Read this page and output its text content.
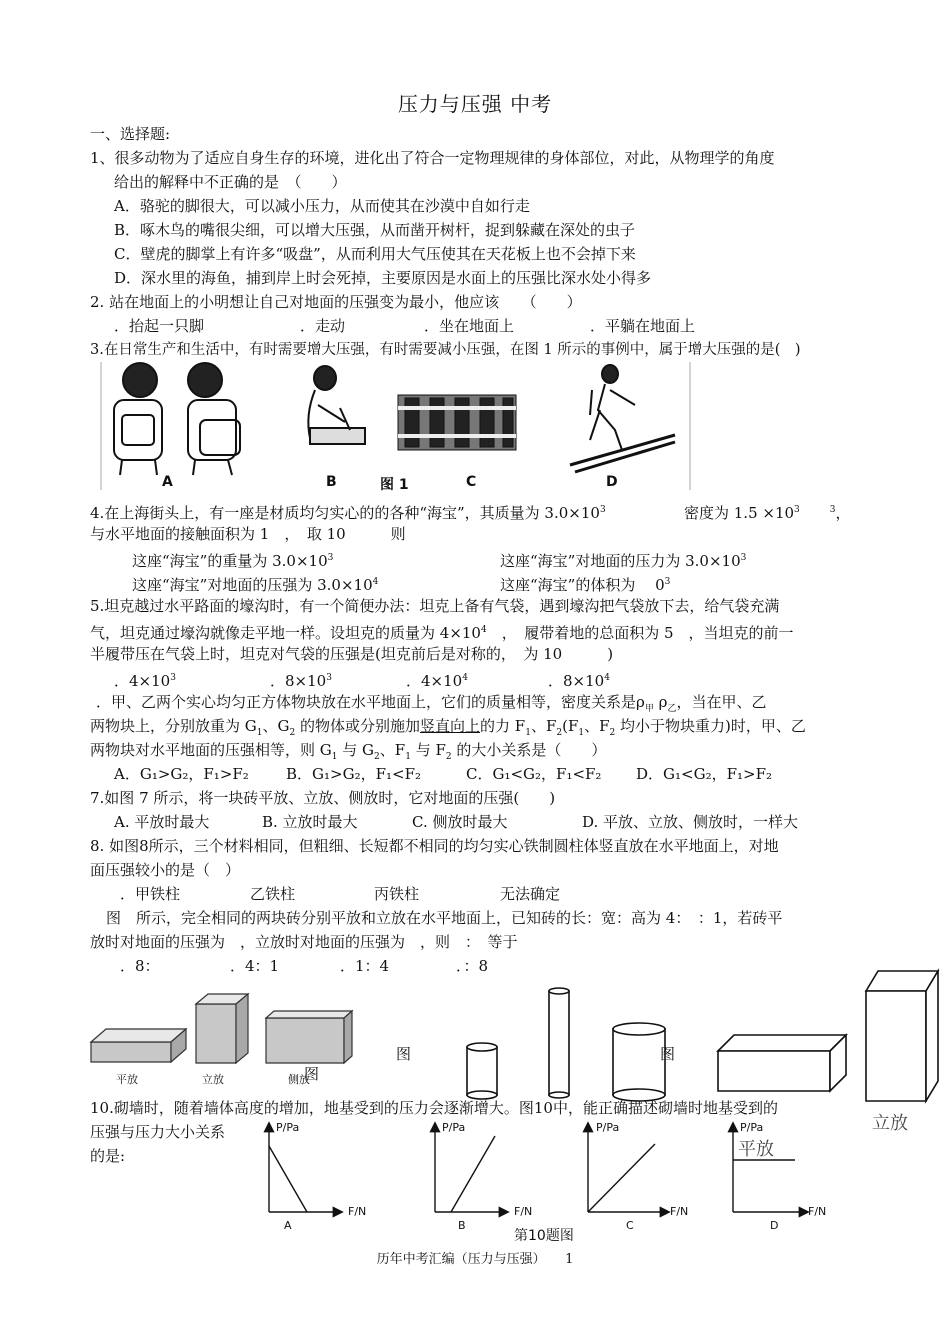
压力与压强 中考
一、选择题:
1、很多动物为了适应自身生存的环境，进化出了符合一定物理规律的身体部位，对此，从物理学的角度
给出的解释中不正确的是　（　　）
A．骆驼的脚很大，可以减小压力，从而使其在沙漠中自如行走
B．啄木鸟的嘴很尖细，可以增大压强，从而凿开树杆，捉到躲藏在深处的虫子
C．壁虎的脚掌上有许多“吸盘”，从而利用大气压使其在天花板上也不会掉下来
D．深水里的海鱼，捕到岸上时会死掉，主要原因是水面上的压强比深水处小得多
2. 站在地面上的小明想让自己对地面的压强变为最小，他应该　　（　　）
．抬起一只脚	．走动	．坐在地面上	．平躺在地面上
3.在日常生产和生活中，有时需要增大压强，有时需要减小压强，在图 1 所示的事例中，属于增大压强的是(　)
A	B	图 1	C	D
4.在上海街头上，有一座是材质均匀实心的的各种“海宝”，其质量为 $3.0\times 10^3$	密度为 $1.5 \times 10^3$　　	$^3$，
与水平地面的接触面积为 1　，　取 10　　　则
这座“海宝”的重量为 $3.0\times 10^3$	这座“海宝”对地面的压力为 $3.0\times 10^3$
这座“海宝”对地面的压强为 $3.0\times 10^4$	这座“海宝”的体积为　 $0^3$
5.坦克越过水平路面的壕沟时，有一个简便办法：坦克上备有气袋，遇到壕沟把气袋放下去，给气袋充满
气，坦克通过壕沟就像走平地一样。设坦克的质量为 $4\times 10^4$　 ，　履带着地的总面积为 5　，当坦克的前一
半履带压在气袋上时，坦克对气袋的压强是(坦克前后是对称的，　为 10　　　)
．$4\times 10^3$	．$8\times 10^3$	．$4\times 10^4$	．$8\times 10^4$
．甲、乙两个实心均匀正方体物块放在水平地面上，它们的质量相等，密度关系是$\rho_甲$ $\rho_乙$，当在甲、乙
两物块上，分别放重为 $G_1$、$G_2$ 的物体或分别施加竖直向上的力 $F_1$、$F_2(F_1$、$F_2$ 均小于物块重力)时，甲、乙
两物块对水平地面的压强相等，则 $G_1$ 与 $G_2$、$F_1$ 与 $F_2$ 的大小关系是（　　）
A．G₁>G₂，F₁>F₂ B．G₁>G₂，F₁<F₂	C．G₁<G₂，F₁<F₂ D．G₁<G₂，F₁>F₂
7.如图 7 所示，将一块砖平放、立放、侧放时，它对地面的压强(　　)
A. 平放时最大	B. 立放时最大	C. 侧放时最大	D. 平放、立放、侧放时，一样大
8. 如图8所示，三个材料相同，但粗细、长短都不相同的均匀实心铁制圆柱体竖直放在水平地面上，对地
面压强较小的是（　）
．甲铁柱	乙铁柱	丙铁柱	无法确定
图　所示，完全相同的两块砖分别平放和立放在水平地面上，已知砖的长：宽：高为 4：　：1，若砖平
放时对地面的压强为　，立放时对地面的压强为　，则　：　等于
．8：	．4：1	．1：4	．：8
平放	立放	侧放
图
图	图
平放
立放
10.砌墙时，随着墙体高度的增加，地基受到的压力会逐渐增大。图10中，能正确描述砌墙时地基受到的
压强与压力大小关系
的是:
P/Pa	P/Pa	P/Pa	P/Pa
F/N	F/N	F/N	F/N
A	B	C	D
第10题图
历年中考汇编（压力与压强）　　1
